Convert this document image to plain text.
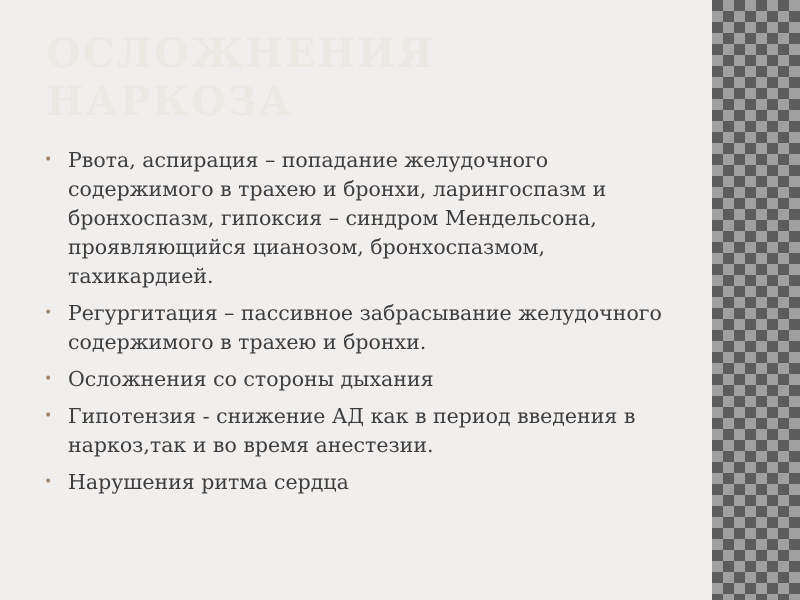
ОСЛОЖНЕНИЯ НАРКОЗА
• Рвота, аспирация – попадание желудочного содержимого в трахею и бронхи, ларингоспазм и бронхоспазм, гипоксия – синдром Мендельсона, проявляющийся цианозом, бронхоспазмом, тахикардией.
• Регургитация – пассивное забрасывание желудочного содержимого в трахею и бронхи.
• Осложнения со стороны дыхания
• Гипотензия - снижение АД как в период введения в наркоз,так и во время анестезии.
• Нарушения ритма сердца
